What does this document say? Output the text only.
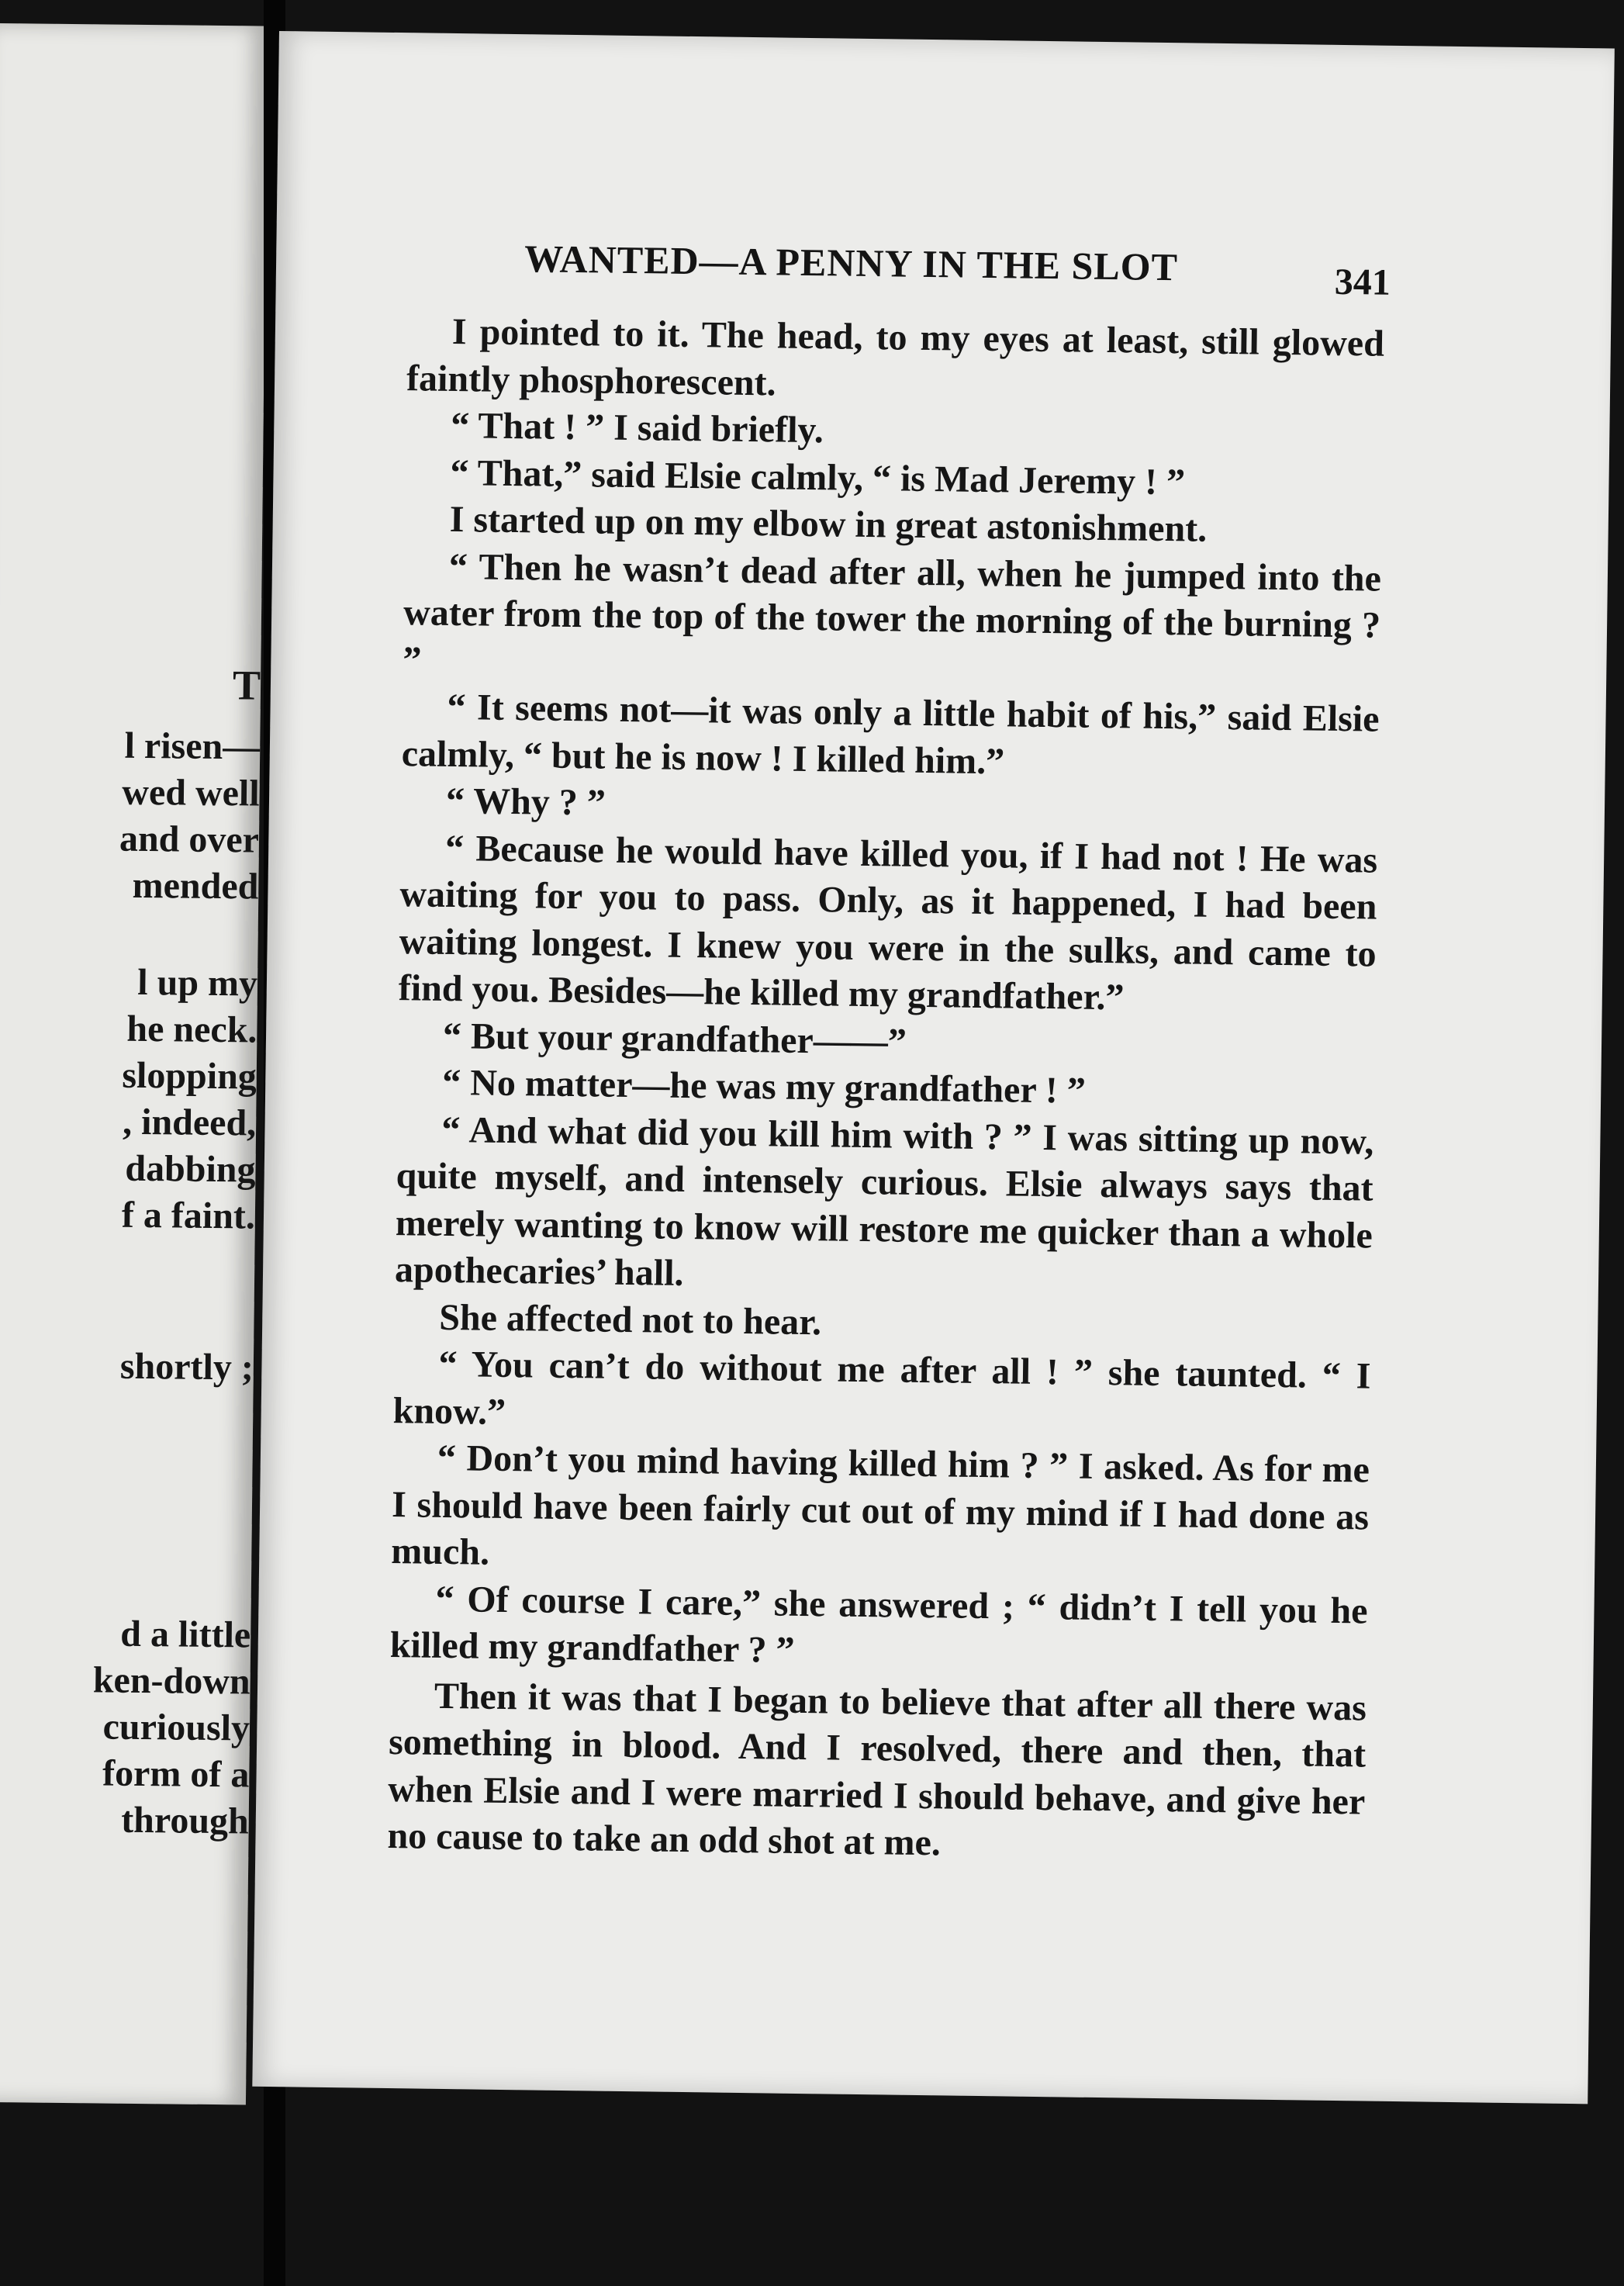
T
l risen—
wed well
and over
mended
l up my
he neck.
slopping
, indeed,
dabbing
f a faint.
shortly ;
d a little
ken-down
curiously
form of a
through
WANTED—A PENNY IN THE SLOT	341

I pointed to it. The head, to my eyes at least, still glowed faintly phosphorescent.

“ That ! ” I said briefly.

“ That,” said Elsie calmly, “ is Mad Jeremy ! ”

I started up on my elbow in great astonishment.

“ Then he wasn’t dead after all, when he jumped into the water from the top of the tower the morning of the burning ? ”

“ It seems not—it was only a little habit of his,” said Elsie calmly, “ but he is now ! I killed him.”

“ Why ? ”

“ Because he would have killed you, if I had not ! He was waiting for you to pass. Only, as it happened, I had been waiting longest. I knew you were in the sulks, and came to find you. Besides—he killed my grandfather.”

“ But your grandfather——”

“ No matter—he was my grandfather ! ”

“ And what did you kill him with ? ” I was sitting up now, quite myself, and intensely curious. Elsie always says that merely wanting to know will restore me quicker than a whole apothecaries’ hall.

She affected not to hear.

“ You can’t do without me after all ! ” she taunted. “ I know.”

“ Don’t you mind having killed him ? ” I asked. As for me I should have been fairly cut out of my mind if I had done as much.

“ Of course I care,” she answered ; “ didn’t I tell you he killed my grandfather ? ”

Then it was that I began to believe that after all there was something in blood. And I resolved, there and then, that when Elsie and I were married I should behave, and give her no cause to take an odd shot at me.
